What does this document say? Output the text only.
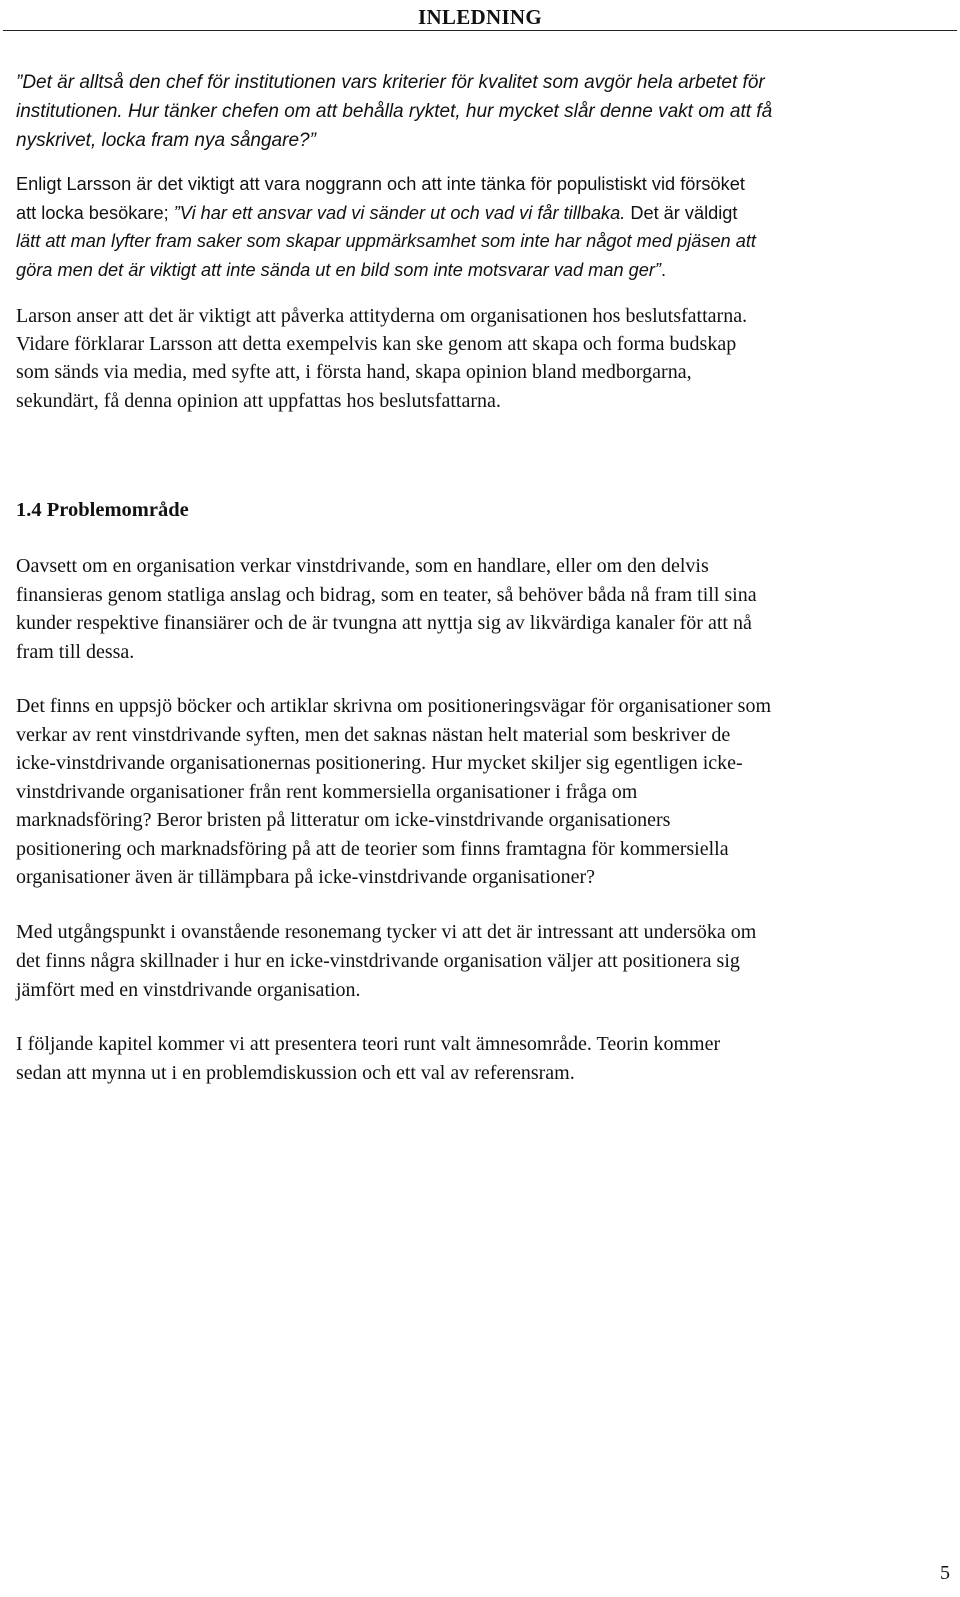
INLEDNING

”Det är alltså den chef för institutionen vars kriterier för kvalitet som avgör hela arbetet för
institutionen. Hur tänker chefen om att behålla ryktet, hur mycket slår denne vakt om att få
nyskrivet, locka fram nya sångare?”

Enligt Larsson är det viktigt att vara noggrann och att inte tänka för populistiskt vid försöket
att locka besökare; ”Vi har ett ansvar vad vi sänder ut och vad vi får tillbaka. Det är väldigt
lätt att man lyfter fram saker som skapar uppmärksamhet som inte har något med pjäsen att
göra men det är viktigt att inte sända ut en bild som inte motsvarar vad man ger”.

Larson anser att det är viktigt att påverka attityderna om organisationen hos beslutsfattarna.
Vidare förklarar Larsson att detta exempelvis kan ske genom att skapa och forma budskap
som sänds via media, med syfte att, i första hand, skapa opinion bland medborgarna,
sekundärt, få denna opinion att uppfattas hos beslutsfattarna.

1.4 Problemområde

Oavsett om en organisation verkar vinstdrivande, som en handlare, eller om den delvis
finansieras genom statliga anslag och bidrag, som en teater, så behöver båda nå fram till sina
kunder respektive finansiärer och de är tvungna att nyttja sig av likvärdiga kanaler för att nå
fram till dessa.

Det finns en uppsjö böcker och artiklar skrivna om positioneringsvägar för organisationer som
verkar av rent vinstdrivande syften, men det saknas nästan helt material som beskriver de
icke-vinstdrivande organisationernas positionering. Hur mycket skiljer sig egentligen icke-
vinstdrivande organisationer från rent kommersiella organisationer i fråga om
marknadsföring? Beror bristen på litteratur om icke-vinstdrivande organisationers
positionering och marknadsföring på att de teorier som finns framtagna för kommersiella
organisationer även är tillämpbara på icke-vinstdrivande organisationer?

Med utgångspunkt i ovanstående resonemang tycker vi att det är intressant att undersöka om
det finns några skillnader i hur en icke-vinstdrivande organisation väljer att positionera sig
jämfört med en vinstdrivande organisation.

I följande kapitel kommer vi att presentera teori runt valt ämnesområde. Teorin kommer
sedan att mynna ut i en problemdiskussion och ett val av referensram.

5
